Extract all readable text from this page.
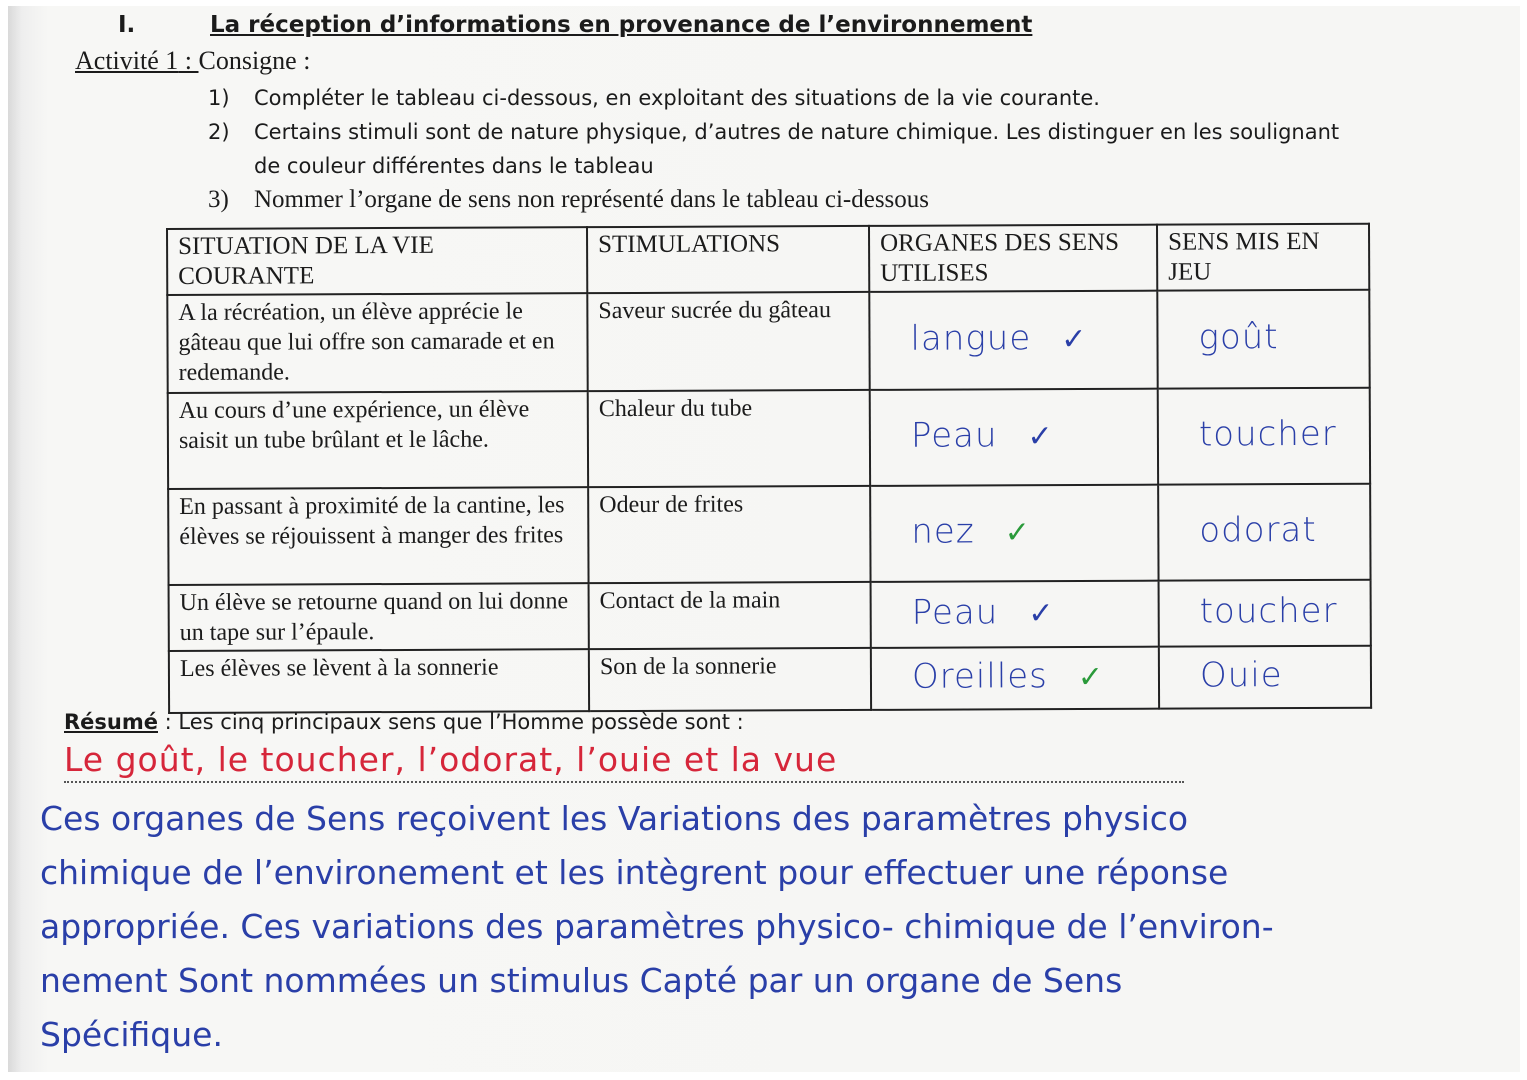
I.	La réception d’informations en provenance de l’environnement
Activité 1 : Consigne :
1) Compléter le tableau ci-dessous, en exploitant des situations de la vie courante.
2) Certains stimuli sont de nature physique, d’autres de nature chimique. Les distinguer en les soulignant
de couleur différentes dans le tableau
3) Nommer l’organe de sens non représenté dans le tableau ci-dessous
SITUATION DE LA VIE COURANTE	STIMULATIONS	ORGANES DES SENS UTILISES	SENS MIS EN JEU
A la récréation, un élève apprécie le gâteau que lui offre son camarade et en redemande.	Saveur sucrée du gâteau	langue ✓	goût
Au cours d’une expérience, un élève saisit un tube brûlant et le lâche.	Chaleur du tube	Peau ✓	toucher
En passant à proximité de la cantine, les élèves se réjouissent à manger des frites	Odeur de frites	nez ✓	odorat
Un élève se retourne quand on lui donne un tape sur l’épaule.	Contact de la main	Peau ✓	toucher
Les élèves se lèvent à la sonnerie	Son de la sonnerie	Oreilles ✓	Ouie
Résumé : Les cinq principaux sens que l’Homme possède sont :
Le goût, le toucher, l’odorat, l’ouie et la vue

Ces organes de Sens reçoivent les Variations des paramètres physico

chimique de l’environement et les intègrent pour effectuer une réponse

appropriée. Ces variations des paramètres physico- chimique de l’environ-

nement Sont nommées un stimulus Capté par un organe de Sens

Spécifique.
